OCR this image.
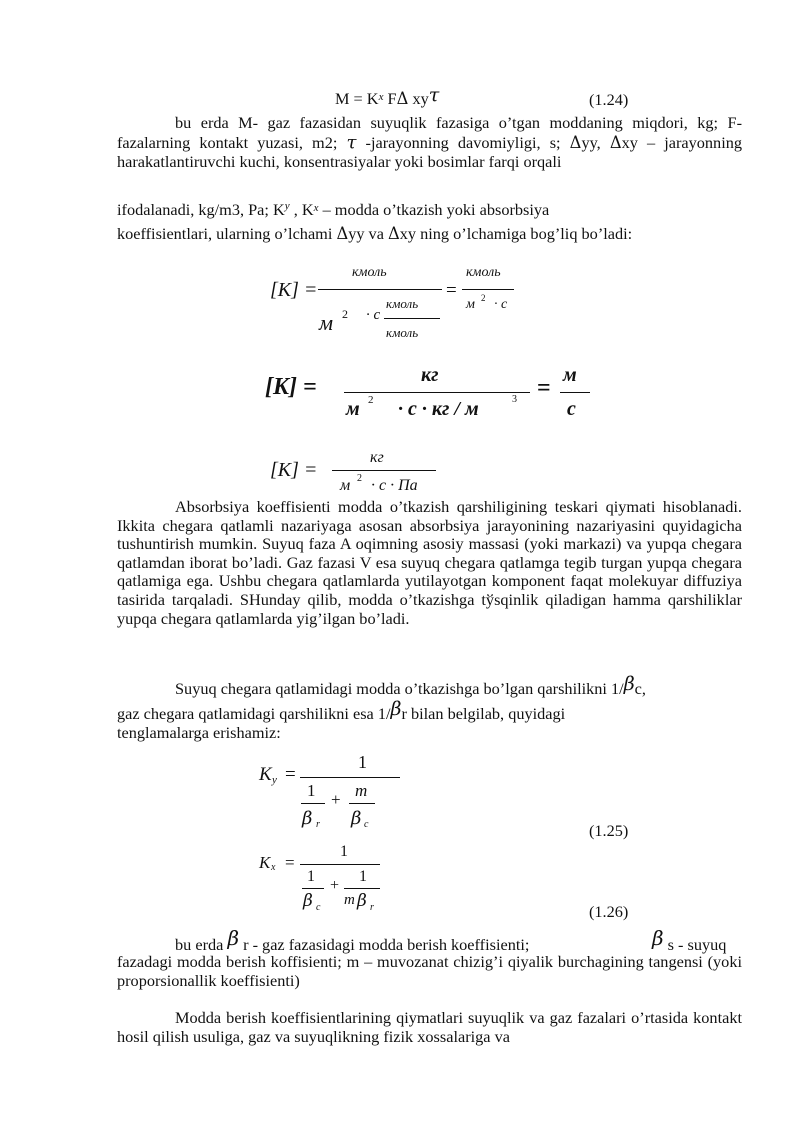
$M = K^x$ FΔ xyτ	(1.24)
bu erda M- gaz fazasidan suyuqlik fazasiga o’tgan moddaning miqdori, kg; F- fazalarning kontakt yuzasi, m2; τ -jarayonning davomiyligi, s; Δyy, Δxy – jarayonning harakatlantiruvchi kuchi, konsentrasiyalar yoki bosimlar farqi orqali
ifodalanadi, kg/m3, Pa; $K^y$ , $K^x$ – modda o’tkazish yoki absorbsiya
koeffisientlari, ularning o’lchami Δyy va Δxy ning o’lchamiga bog’liq bo’ladi:
[K] =
кмоль
м 2 · с
кмоль
кмоль
=
кмоль
м 2 · с
[K] =	кг
м 2 · с · кг / м	3 = м
с
[K] =
кг
м 2 · с · Па
Absorbsiya koeffisienti modda o’tkazish qarshiligining teskari qiymati hisoblanadi. Ikkita chegara qatlamli nazariyaga asosan absorbsiya jarayonining nazariyasini quyidagicha tushuntirish mumkin. Suyuq faza A oqimning asosiy massasi (yoki markazi) va yupqa chegara qatlamdan iborat bo’ladi. Gaz fazasi V esa suyuq chegara qatlamga tegib turgan yupqa chegara qatlamiga ega. Ushbu chegara qatlamlarda yutilayotgan komponent faqat molekuyar diffuziya tasirida tarqaladi. SHunday qilib, modda o’tkazishga tўsqinlik qiladigan hamma qarshiliklar yupqa chegara qatlamlarda yig’ilgan bo’ladi.
Suyuq chegara qatlamidagi modda o’tkazishga bo’lgan qarshilikni 1/βc,
gaz chegara qatlamidagi qarshilikni esa 1/βr bilan belgilab, quyidagi
tenglamalarga erishamiz:
K y =
1
1
β r
+ m
β c	(1.25)
K x =
1
1
β c
+
1
m β r	(1.26)
bu erda β r - gaz fazasidagi modda berish koeffisienti;	β s - suyuq
fazadagi modda berish koffisienti; m – muvozanat chizig’i qiyalik burchagining tangensi (yoki proporsionallik koeffisienti)
Modda berish koeffisientlarining qiymatlari suyuqlik va gaz fazalari o’rtasida kontakt hosil qilish usuliga, gaz va suyuqlikning fizik xossalariga va
